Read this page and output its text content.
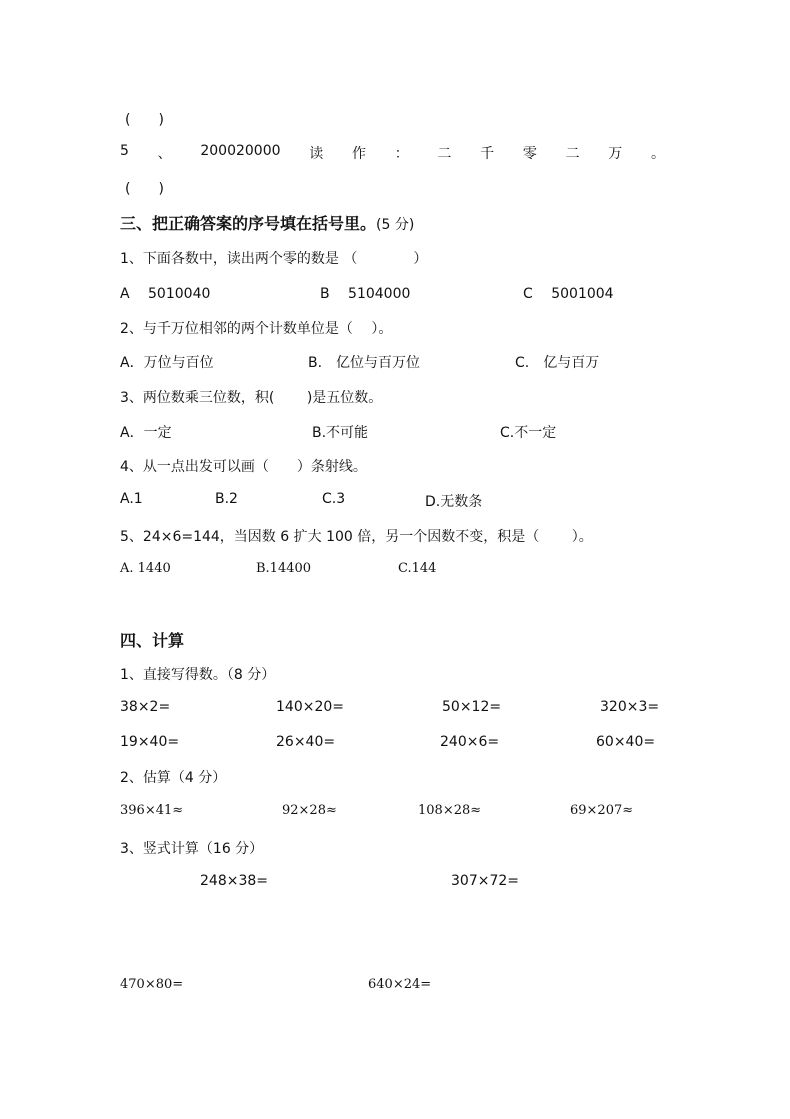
(　　)
5 、 200020000 读 作 ： 二 千 零 二 万 。
(　　)
三、把正确答案的序号填在括号里。(5 分)
1、下面各数中，读出两个零的数是 （　　　　）
A　 5010040	B　 5104000	C　 5001004
2、与千万位相邻的两个计数单位是（　 ）。
A．万位与百位	B.　亿位与百万位	C.　亿与百万
3、两位数乘三位数，积(　　 )是五位数。
A．一定	B.不可能	C.不一定
4、从一点出发可以画（　　）条射线。
A.1	B.2	C.3	D.无数条
5、24×6=144，当因数 6 扩大 100 倍，另一个因数不变，积是（　　 ）。
A. 1440	B.14400	C.144
四、计算
1、直接写得数。（8 分）
38×2=	140×20=	50×12=	320×3=
19×40=	26×40=	240×6=	60×40=
2、估算（4 分）
396×41≈	92×28≈	108×28≈	69×207≈
3、竖式计算（16 分）
248×38=	307×72=
470×80=	640×24=
